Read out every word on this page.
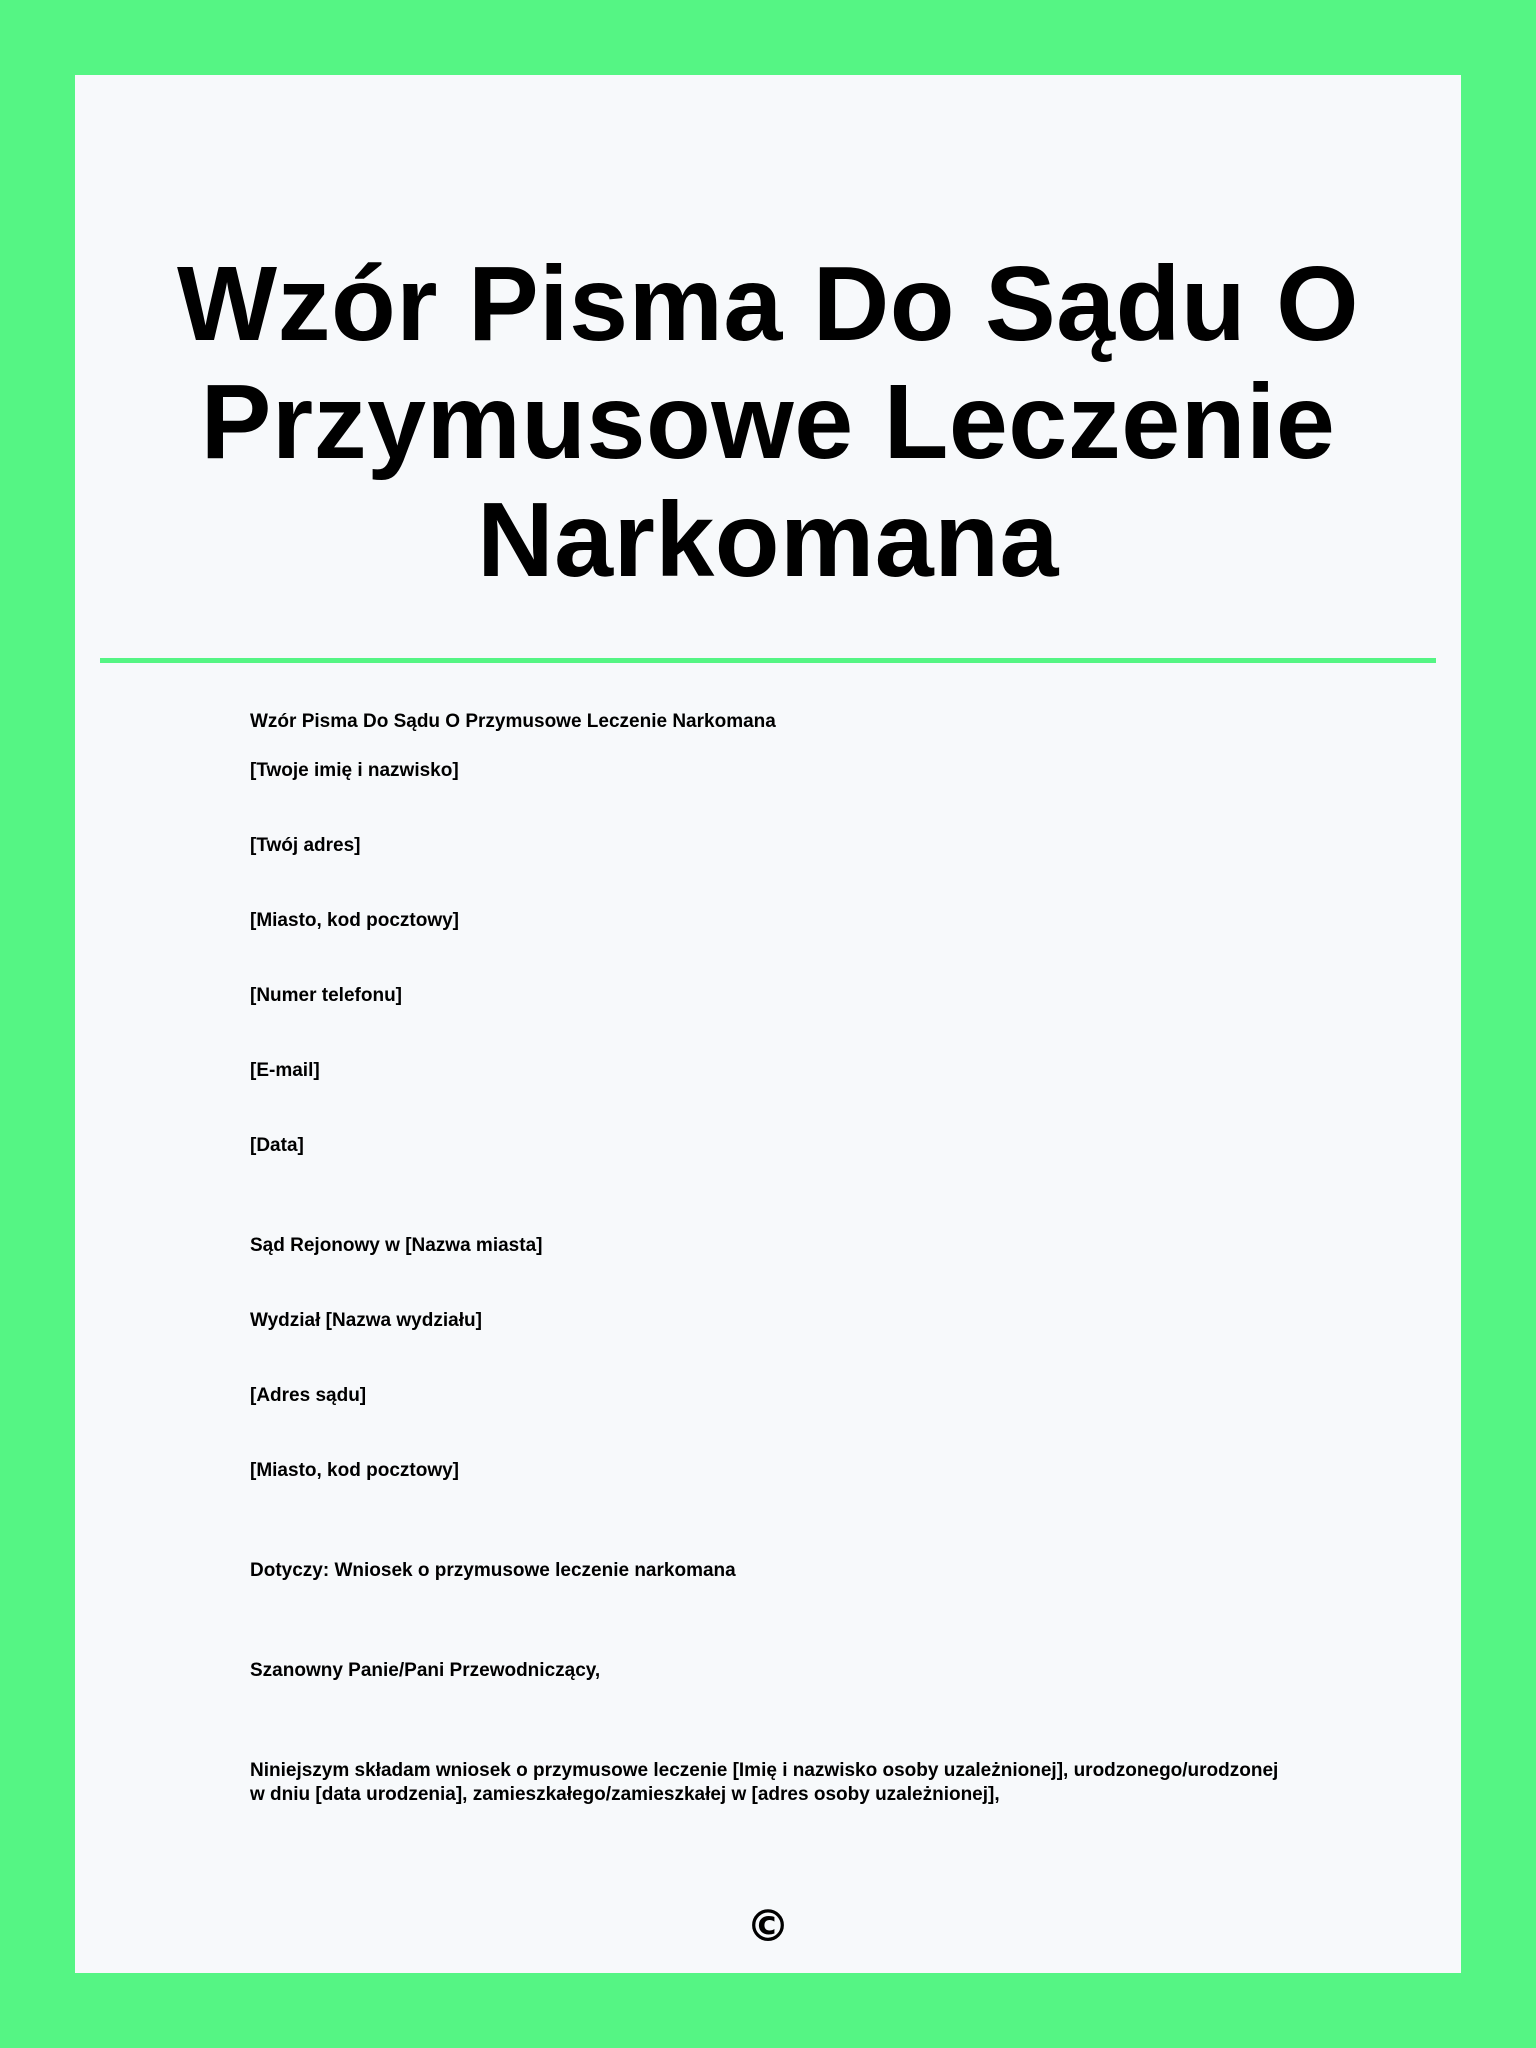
Wzór Pisma Do Sądu O Przymusowe Leczenie Narkomana

Wzór Pisma Do Sądu O Przymusowe Leczenie Narkomana

[Twoje imię i nazwisko]

[Twój adres]

[Miasto, kod pocztowy]

[Numer telefonu]

[E-mail]

[Data]

Sąd Rejonowy w [Nazwa miasta]

Wydział [Nazwa wydziału]

[Adres sądu]

[Miasto, kod pocztowy]

Dotyczy: Wniosek o przymusowe leczenie narkomana

Szanowny Panie/Pani Przewodniczący,

Niniejszym składam wniosek o przymusowe leczenie [Imię i nazwisko osoby uzależnionej], urodzonego/urodzonej w dniu [data urodzenia], zamieszkałego/zamieszkałej w [adres osoby uzależnionej],

©
